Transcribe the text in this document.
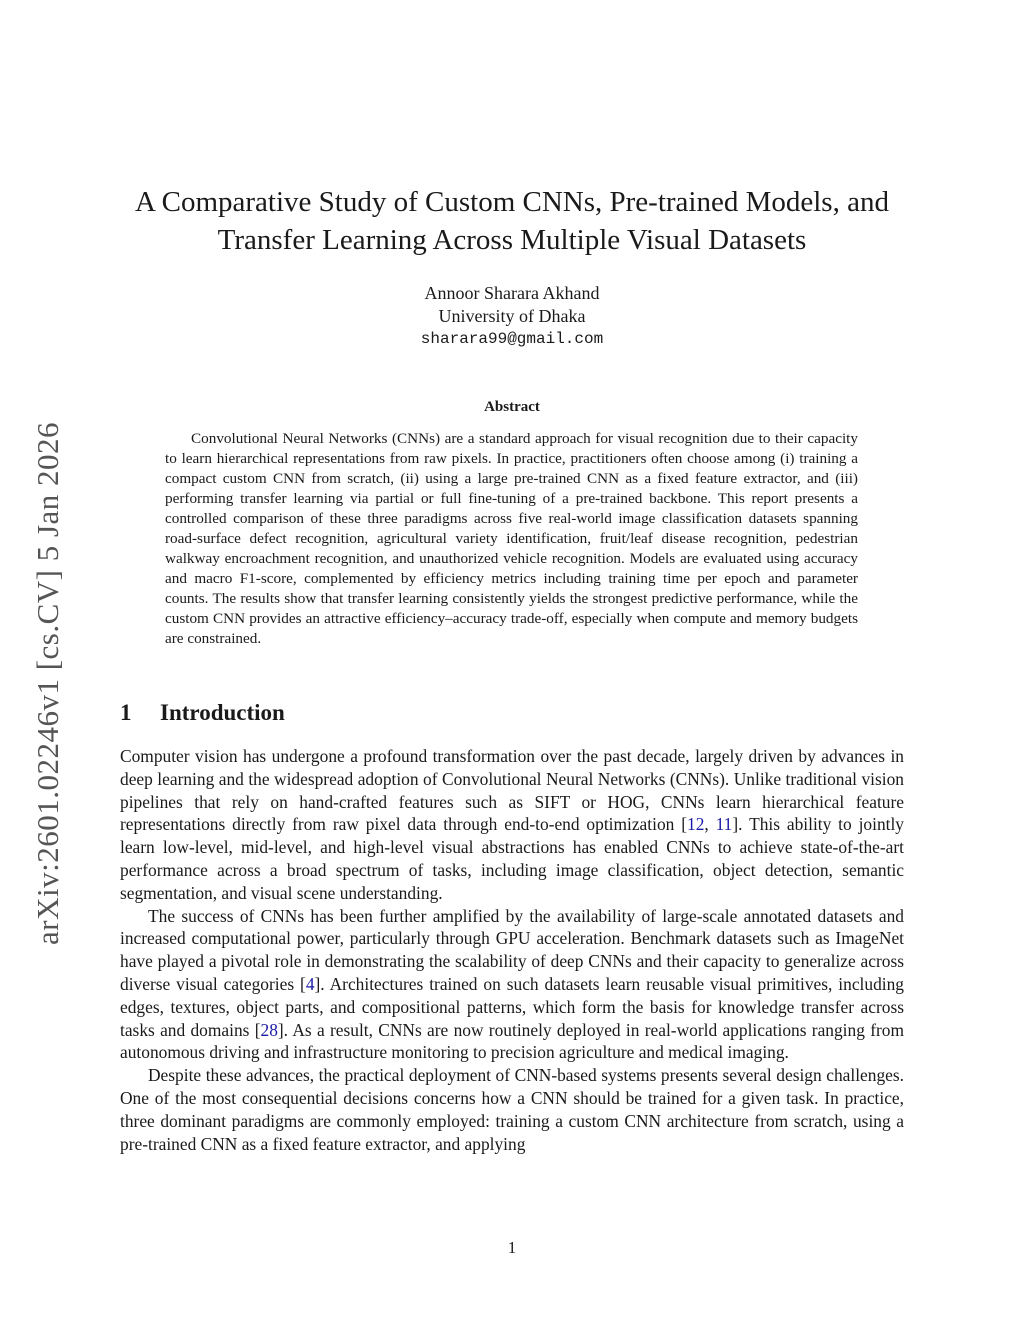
arXiv:2601.02246v1 [cs.CV] 5 Jan 2026
A Comparative Study of Custom CNNs, Pre-trained Models, and
Transfer Learning Across Multiple Visual Datasets
Annoor Sharara Akhand
University of Dhaka
sharara99@gmail.com
Abstract

Convolutional Neural Networks (CNNs) are a standard approach for visual recognition due to their capacity to learn hierarchical representations from raw pixels. In practice, practitioners often choose among (i) training a compact custom CNN from scratch, (ii) using a large pre-trained CNN as a fixed feature extractor, and (iii) performing transfer learning via partial or full fine-tuning of a pre-trained backbone. This report presents a controlled comparison of these three paradigms across five real-world image classification datasets spanning road-surface defect recognition, agricultural variety identification, fruit/leaf disease recognition, pedestrian walkway encroachment recognition, and unauthorized vehicle recognition. Models are evaluated using accuracy and macro F1-score, complemented by efficiency metrics including training time per epoch and parameter counts. The results show that transfer learning consistently yields the strongest predictive performance, while the custom CNN provides an attractive efficiency–accuracy trade-off, especially when compute and memory budgets are constrained.

1 Introduction

Computer vision has undergone a profound transformation over the past decade, largely driven by advances in deep learning and the widespread adoption of Convolutional Neural Networks (CNNs). Unlike traditional vision pipelines that rely on hand-crafted features such as SIFT or HOG, CNNs learn hierarchical feature representations directly from raw pixel data through end-to-end optimization [12, 11]. This ability to jointly learn low-level, mid-level, and high-level visual abstractions has enabled CNNs to achieve state-of-the-art performance across a broad spectrum of tasks, including image classification, object detection, semantic segmentation, and visual scene understanding.

The success of CNNs has been further amplified by the availability of large-scale annotated datasets and increased computational power, particularly through GPU acceleration. Benchmark datasets such as ImageNet have played a pivotal role in demonstrating the scalability of deep CNNs and their capacity to generalize across diverse visual categories [4]. Architectures trained on such datasets learn reusable visual primitives, including edges, textures, object parts, and compositional patterns, which form the basis for knowledge transfer across tasks and domains [28]. As a result, CNNs are now routinely deployed in real-world applications ranging from autonomous driving and infrastructure monitoring to precision agriculture and medical imaging.

Despite these advances, the practical deployment of CNN-based systems presents several design challenges. One of the most consequential decisions concerns how a CNN should be trained for a given task. In practice, three dominant paradigms are commonly employed: training a custom CNN architecture from scratch, using a pre-trained CNN as a fixed feature extractor, and applying

1
